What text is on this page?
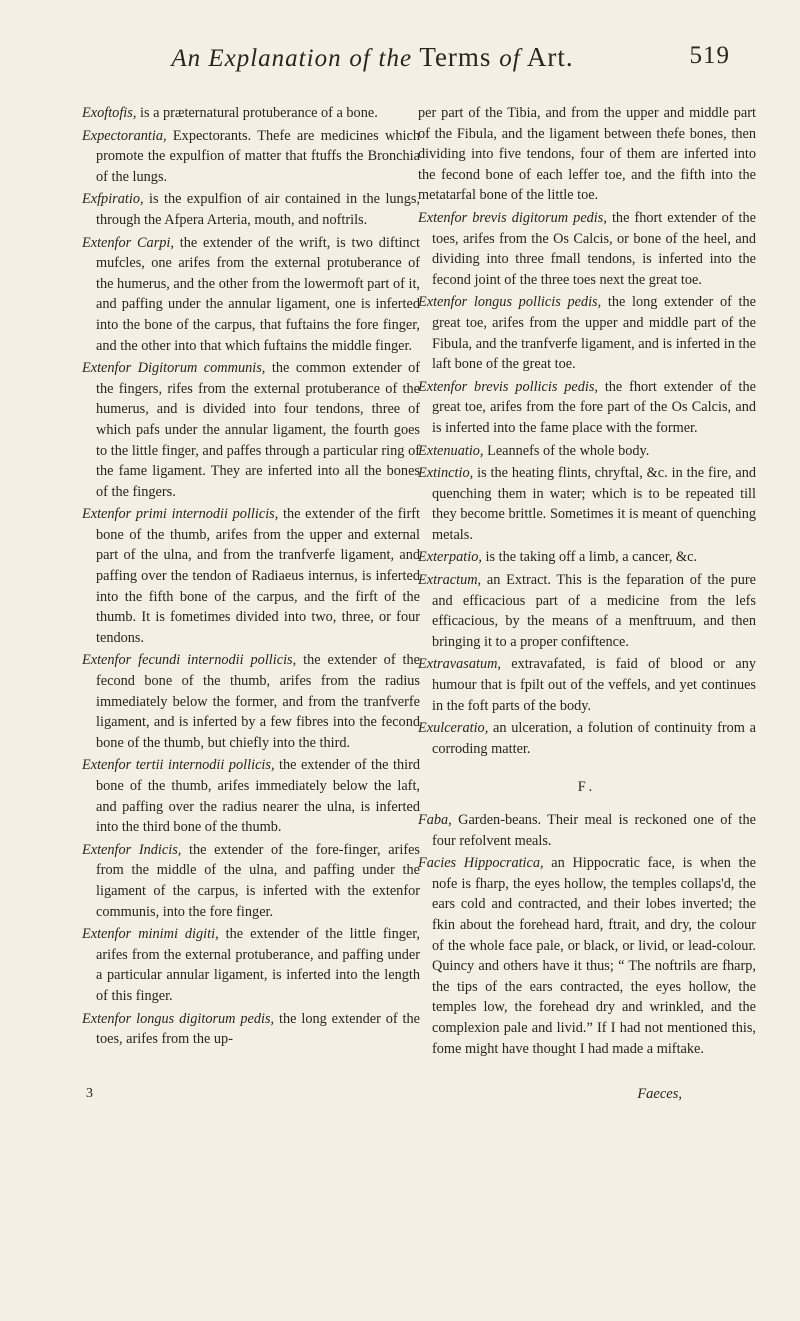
An Explanation of the Terms of Art.	519

Exoftofis, is a præternatural protuberance of a bone.

Expectorantia, Expectorants. Thefe are medicines which promote the expulfion of matter that ftuffs the Bronchia of the lungs.

Exfpiratio, is the expulfion of air contained in the lungs, through the Afpera Arteria, mouth, and noftrils.

Extenfor Carpi, the extender of the wrift, is two diftinct mufcles, one arifes from the external protuberance of the humerus, and the other from the lowermoft part of it, and paffing under the annular ligament, one is inferted into the bone of the carpus, that fuftains the fore finger, and the other into that which fuftains the middle finger.

Extenfor Digitorum communis, the common extender of the fingers, rifes from the external protuberance of the humerus, and is divided into four tendons, three of which pafs under the annular ligament, the fourth goes to the little finger, and paffes through a particular ring of the fame ligament. They are inferted into all the bones of the fingers.

Extenfor primi internodii pollicis, the extender of the firft bone of the thumb, arifes from the upper and external part of the ulna, and from the tranfverfe ligament, and paffing over the tendon of Radiaeus internus, is inferted into the fifth bone of the carpus, and the firft of the thumb. It is fometimes divided into two, three, or four tendons.

Extenfor fecundi internodii pollicis, the extender of the fecond bone of the thumb, arifes from the radius immediately below the former, and from the tranfverfe ligament, and is inferted by a few fibres into the fecond bone of the thumb, but chiefly into the third.

Extenfor tertii internodii pollicis, the extender of the third bone of the thumb, arifes immediately below the laft, and paffing over the radius nearer the ulna, is inferted into the third bone of the thumb.

Extenfor Indicis, the extender of the fore-finger, arifes from the middle of the ulna, and paffing under the ligament of the carpus, is inferted with the extenfor communis, into the fore finger.

Extenfor minimi digiti, the extender of the little finger, arifes from the external protuberance, and paffing under a particular annular ligament, is inferted into the length of this finger.

Extenfor longus digitorum pedis, the long extender of the toes, arifes from the up-

per part of the Tibia, and from the upper and middle part of the Fibula, and the ligament between thefe bones, then dividing into five tendons, four of them are inferted into the fecond bone of each leffer toe, and the fifth into the metatarfal bone of the little toe.

Extenfor brevis digitorum pedis, the fhort extender of the toes, arifes from the Os Calcis, or bone of the heel, and dividing into three fmall tendons, is inferted into the fecond joint of the three toes next the great toe.

Extenfor longus pollicis pedis, the long extender of the great toe, arifes from the upper and middle part of the Fibula, and the tranfverfe ligament, and is inferted in the laft bone of the great toe.

Extenfor brevis pollicis pedis, the fhort extender of the great toe, arifes from the fore part of the Os Calcis, and is inferted into the fame place with the former.

Extenuatio, Leannefs of the whole body.

Extinctio, is the heating flints, chryftal, &c. in the fire, and quenching them in water; which is to be repeated till they become brittle. Sometimes it is meant of quenching metals.

Exterpatio, is the taking off a limb, a cancer, &c.

Extractum, an Extract. This is the feparation of the pure and efficacious part of a medicine from the lefs efficacious, by the means of a menftruum, and then bringing it to a proper confiftence.

Extravasatum, extravafated, is faid of blood or any humour that is fpilt out of the veffels, and yet continues in the foft parts of the body.

Exulceratio, an ulceration, a folution of continuity from a corroding matter.

F.

Faba, Garden-beans. Their meal is reckoned one of the four refolvent meals.

Facies Hippocratica, an Hippocratic face, is when the nofe is fharp, the eyes hollow, the temples collaps'd, the ears cold and contracted, and their lobes inverted; the fkin about the forehead hard, ftrait, and dry, the colour of the whole face pale, or black, or livid, or lead-colour. Quincy and others have it thus; “ The noftrils are fharp, the tips of the ears contracted, the eyes hollow, the temples low, the forehead dry and wrinkled, and the complexion pale and livid.” If I had not mentioned this, fome might have thought I had made a miftake.

3	Faeces,
